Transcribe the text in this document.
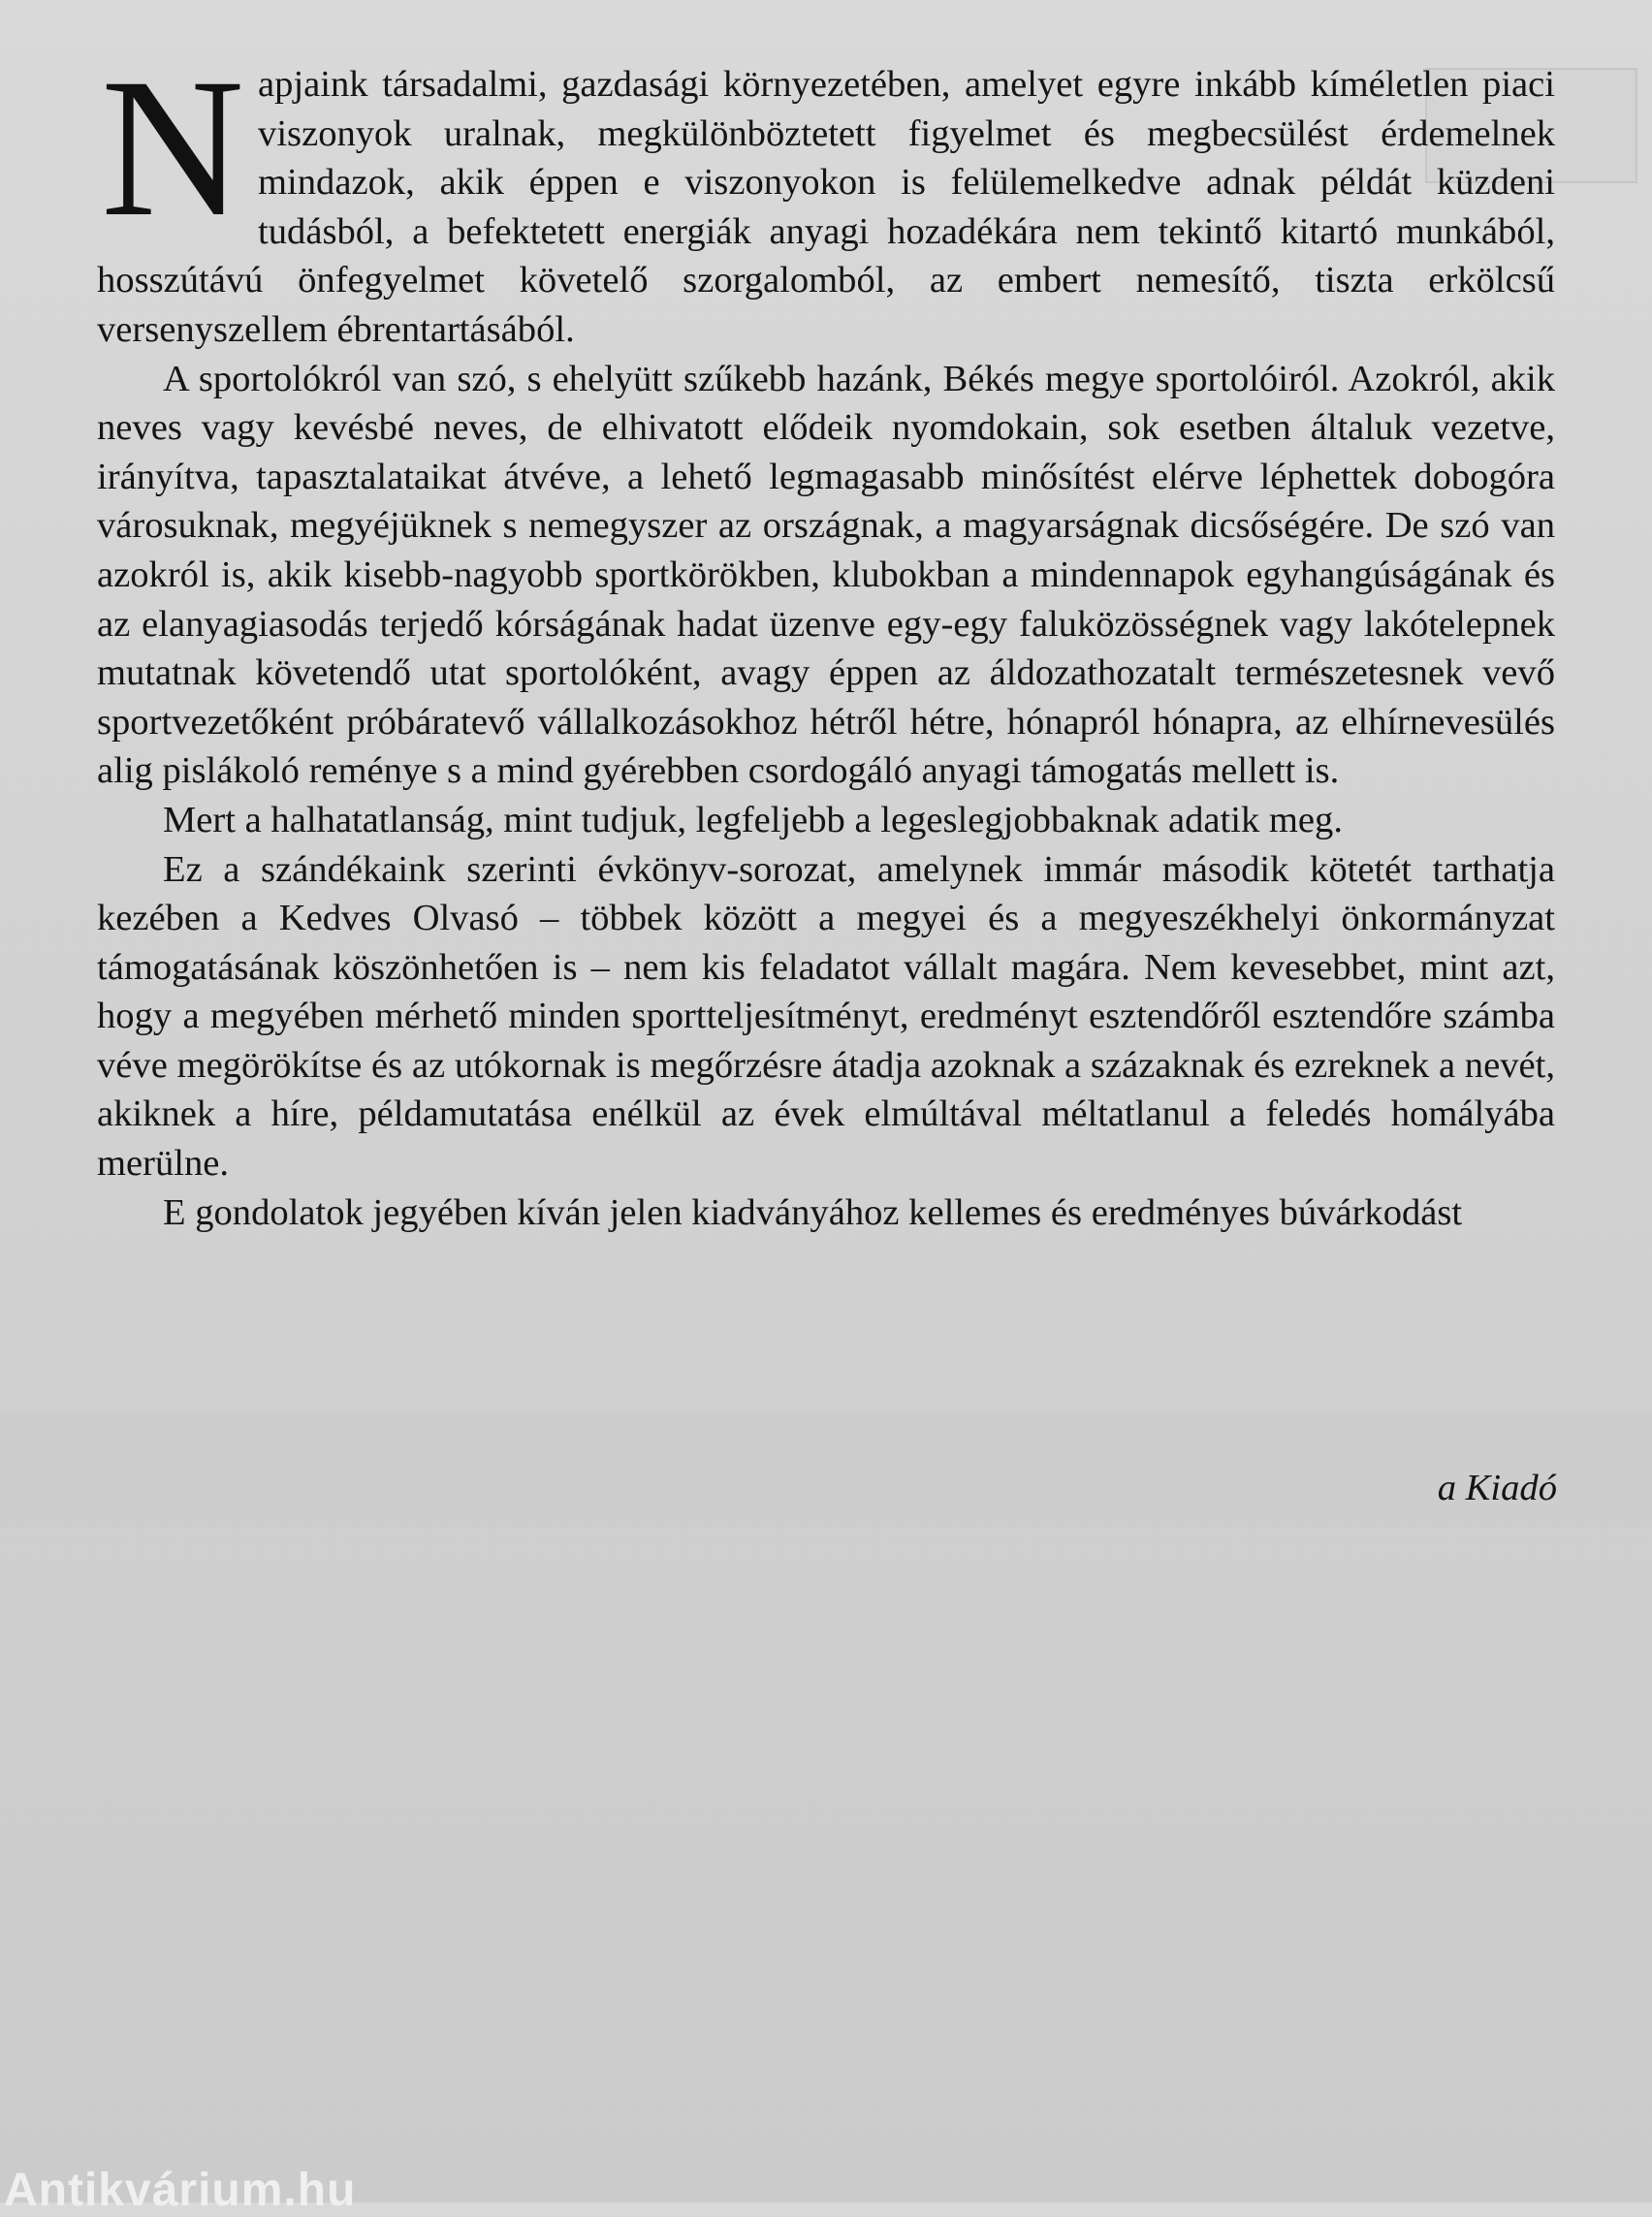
Napjaink társadalmi, gazdasági környezetében, amelyet egyre inkább kíméletlen piaci viszonyok uralnak, megkülönböztetett figyelmet és megbecsülést érdemelnek mindazok, akik éppen e viszonyokon is felülemelkedve adnak példát küzdeni tudásból, a befektetett energiák anyagi hozadékára nem tekintő kitartó munkából, hosszútávú önfegyelmet követelő szorgalomból, az embert nemesítő, tiszta erkölcsű versenyszellem ébrentartásából.

A sportolókról van szó, s ehelyütt szűkebb hazánk, Békés megye sportolóiról. Azokról, akik neves vagy kevésbé neves, de elhivatott elődeik nyomdokain, sok esetben általuk vezetve, irányítva, tapasztalataikat átvéve, a lehető legmagasabb minősítést elérve léphettek dobogóra városuknak, megyéjüknek s nemegyszer az országnak, a magyarságnak dicsőségére. De szó van azokról is, akik kisebb-nagyobb sportkörökben, klubokban a mindennapok egyhangúságának és az elanyagiasodás terjedő kórságának hadat üzenve egy-egy faluközösségnek vagy lakótelepnek mutatnak követendő utat sportolóként, avagy éppen az áldozathozatalt természetesnek vevő sportvezetőként próbáratevő vállalkozásokhoz hétről hétre, hónapról hónapra, az elhírnevesülés alig pislákoló reménye s a mind gyérebben csordogáló anyagi támogatás mellett is.

Mert a halhatatlanság, mint tudjuk, legfeljebb a legeslegjobbaknak adatik meg.

Ez a szándékaink szerinti évkönyv-sorozat, amelynek immár második kötetét tarthatja kezében a Kedves Olvasó – többek között a megyei és a megyeszékhelyi önkormányzat támogatásának köszönhetően is – nem kis feladatot vállalt magára. Nem kevesebbet, mint azt, hogy a megyében mérhető minden sportteljesítményt, eredményt esztendőről esztendőre számba véve megörökítse és az utókornak is megőrzésre átadja azoknak a százaknak és ezreknek a nevét, akiknek a híre, példamutatása enélkül az évek elmúltával méltatlanul a feledés homályába merülne.

E gondolatok jegyében kíván jelen kiadványához kellemes és eredményes búvárkodást

a Kiadó
Antikvárium.hu
